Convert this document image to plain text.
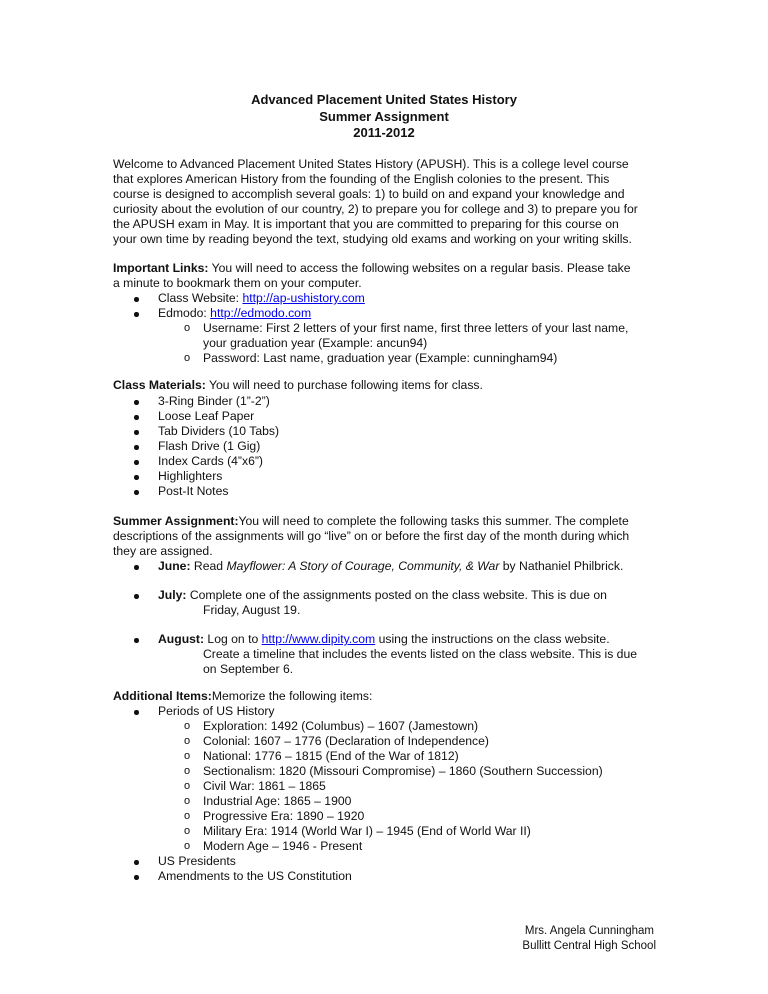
Advanced Placement United States History
Summer Assignment
2011-2012
Welcome to Advanced Placement United States History (APUSH). This is a college level course
that explores American History from the founding of the English colonies to the present. This
course is designed to accomplish several goals: 1) to build on and expand your knowledge and
curiosity about the evolution of our country, 2) to prepare you for college and 3) to prepare you for
the APUSH exam in May. It is important that you are committed to preparing for this course on
your own time by reading beyond the text, studying old exams and working on your writing skills.
Important Links: You will need to access the following websites on a regular basis. Please take
a minute to bookmark them on your computer.
Class Website: http://ap-ushistory.com
Edmodo: http://edmodo.com
o Username: First 2 letters of your first name, first three letters of your last name,
your graduation year (Example: ancun94)
o Password: Last name, graduation year (Example: cunningham94)
Class Materials: You will need to purchase following items for class.
3-Ring Binder (1”-2”)
Loose Leaf Paper
Tab Dividers (10 Tabs)
Flash Drive (1 Gig)
Index Cards (4”x6”)
Highlighters
Post-It Notes
Summer Assignment:You will need to complete the following tasks this summer. The complete
descriptions of the assignments will go “live” on or before the first day of the month during which
they are assigned.
June: Read Mayflower: A Story of Courage, Community, & War by Nathaniel Philbrick.
July: Complete one of the assignments posted on the class website. This is due on
Friday, August 19.
August: Log on to http://www.dipity.com using the instructions on the class website.
Create a timeline that includes the events listed on the class website. This is due
on September 6.
Additional Items:Memorize the following items:
Periods of US History
o Exploration: 1492 (Columbus) – 1607 (Jamestown)
o Colonial: 1607 – 1776 (Declaration of Independence)
o National: 1776 – 1815 (End of the War of 1812)
o Sectionalism: 1820 (Missouri Compromise) – 1860 (Southern Succession)
o Civil War: 1861 – 1865
o Industrial Age: 1865 – 1900
o Progressive Era: 1890 – 1920
o Military Era: 1914 (World War I) – 1945 (End of World War II)
o Modern Age – 1946 - Present
US Presidents
Amendments to the US Constitution
Mrs. Angela Cunningham
Bullitt Central High School
